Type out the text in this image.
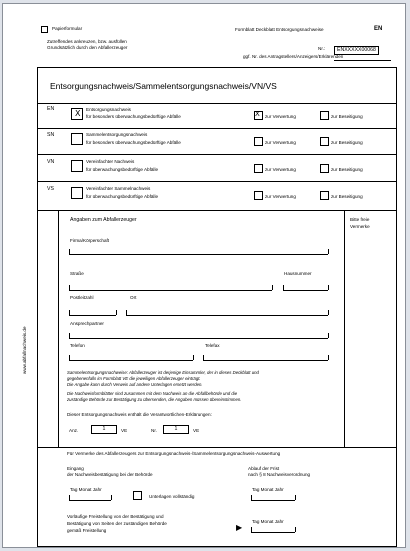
Papierformular	Formblatt Deckblatt Entsorgungsnachweise	EN
Zutreffendes ankreuzen, bzw. ausfüllen
Grundsätzlich durch den Abfallerzeuger	Nr.:	ENXXXXX00068
ggf. Nr. des Antragstellers/Anzeigers/Erklärenden
Entsorgungsnachweis/Sammelentsorgungsnachweis/VN/VS
EN	X Entsorgungsnachweis
für besonders überwachungsbedürftige Abfälle	X zur Verwertung	zur Beseitigung
SN	Sammelentsorgungsnachweis
für besonders überwachungsbedürftige Abfälle	zur Verwertung	zur Beseitigung
VN	Vereinfachter Nachweis
für überwachungsbedürftige Abfälle	zur Verwertung	zur Beseitigung
VS	Vereinfachter Sammelnachweis
für überwachungsbedürftige Abfälle	zur Verwertung	zur Beseitigung
Angaben zum Abfallerzeuger	Bitte freie
Vermerke
Firma/Körperschaft
Straße	Hausnummer
Postleitzahl	Ort
Ansprechpartner
Telefon	Telefax
Sammelentsorgungsnachweise: Abfallerzeuger ist derjenige Einsammler, der in dieses Deckblatt und
gegebenenfalls im Formblatt VE die jeweiligen Abfallerzeuger einträgt.
Die Angabe kann durch Verweis auf andere Unterlagen ersetzt werden.
Die Nachweisformblätter sind zusammen mit dem Nachweis an die Abfallbehörde und die
zuständige Behörde zur Bestätigung zu übersenden, die Angaben müssen übereinstimmen.
Dieser Entsorgungsnachweis enthält die Verantwortlichen-Erklärungen:
Anz.	1	VE	Nr.	1	VE
Für Vermerke des Abfallerzeugers zur Entsorgungsnachweis-/Sammelentsorgungsnachweis-Auswertung
Eingang
der Nachweisbestätigung bei der Behörde
Tag Monat Jahr
Unterlagen vollständig
Ablauf der Frist
nach § 8 Nachweisverordnung
Tag Monat Jahr
Vorläufige Freistellung von der Bestätigung und
Bestätigung von Seiten der zuständigen Behörde
gemäß Freistellung	▶
Tag Monat Jahr
www.abfallnachweis.de
